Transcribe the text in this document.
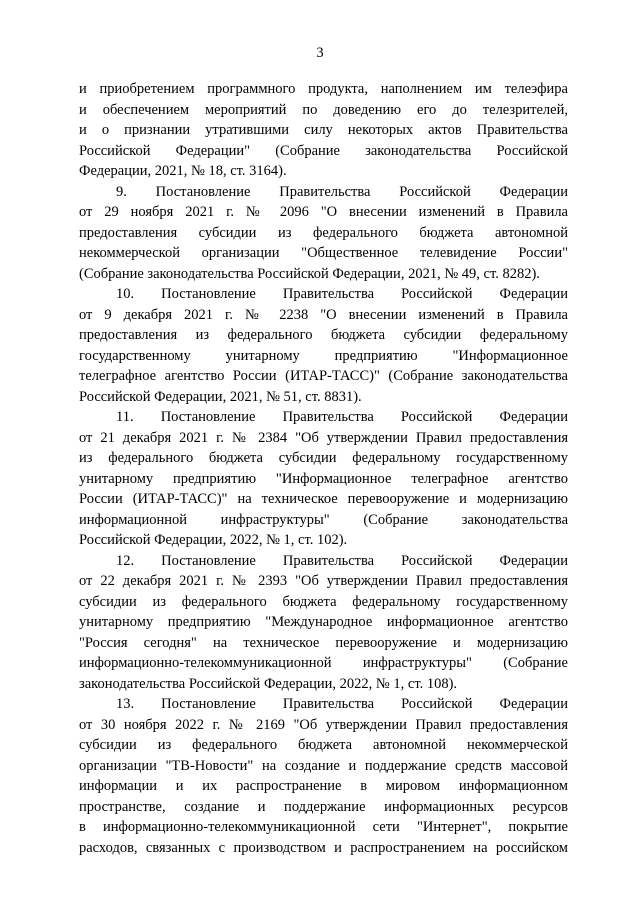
3
и приобретением программного продукта, наполнением им телеэфира
и обеспечением мероприятий по доведению его до телезрителей,
и о признании утратившими силу некоторых актов Правительства
Российской Федерации" (Собрание законодательства Российской
Федерации, 2021, № 18, ст. 3164).
9. Постановление Правительства Российской Федерации
от 29 ноября 2021 г. № 2096 "О внесении изменений в Правила
предоставления субсидии из федерального бюджета автономной
некоммерческой организации "Общественное телевидение России"
(Собрание законодательства Российской Федерации, 2021, № 49, ст. 8282).
10. Постановление Правительства Российской Федерации
от 9 декабря 2021 г. № 2238 "О внесении изменений в Правила
предоставления из федерального бюджета субсидии федеральному
государственному унитарному предприятию "Информационное
телеграфное агентство России (ИТАР-ТАСС)" (Собрание законодательства
Российской Федерации, 2021, № 51, ст. 8831).
11. Постановление Правительства Российской Федерации
от 21 декабря 2021 г. № 2384 "Об утверждении Правил предоставления
из федерального бюджета субсидии федеральному государственному
унитарному предприятию "Информационное телеграфное агентство
России (ИТАР-ТАСС)" на техническое перевооружение и модернизацию
информационной инфраструктуры" (Собрание законодательства
Российской Федерации, 2022, № 1, ст. 102).
12. Постановление Правительства Российской Федерации
от 22 декабря 2021 г. № 2393 "Об утверждении Правил предоставления
субсидии из федерального бюджета федеральному государственному
унитарному предприятию "Международное информационное агентство
"Россия сегодня" на техническое перевооружение и модернизацию
информационно-телекоммуникационной инфраструктуры" (Собрание
законодательства Российской Федерации, 2022, № 1, ст. 108).
13. Постановление Правительства Российской Федерации
от 30 ноября 2022 г. № 2169 "Об утверждении Правил предоставления
субсидии из федерального бюджета автономной некоммерческой
организации "ТВ-Новости" на создание и поддержание средств массовой
информации и их распространение в мировом информационном
пространстве, создание и поддержание информационных ресурсов
в информационно-телекоммуникационной сети "Интернет", покрытие
расходов, связанных с производством и распространением на российском
